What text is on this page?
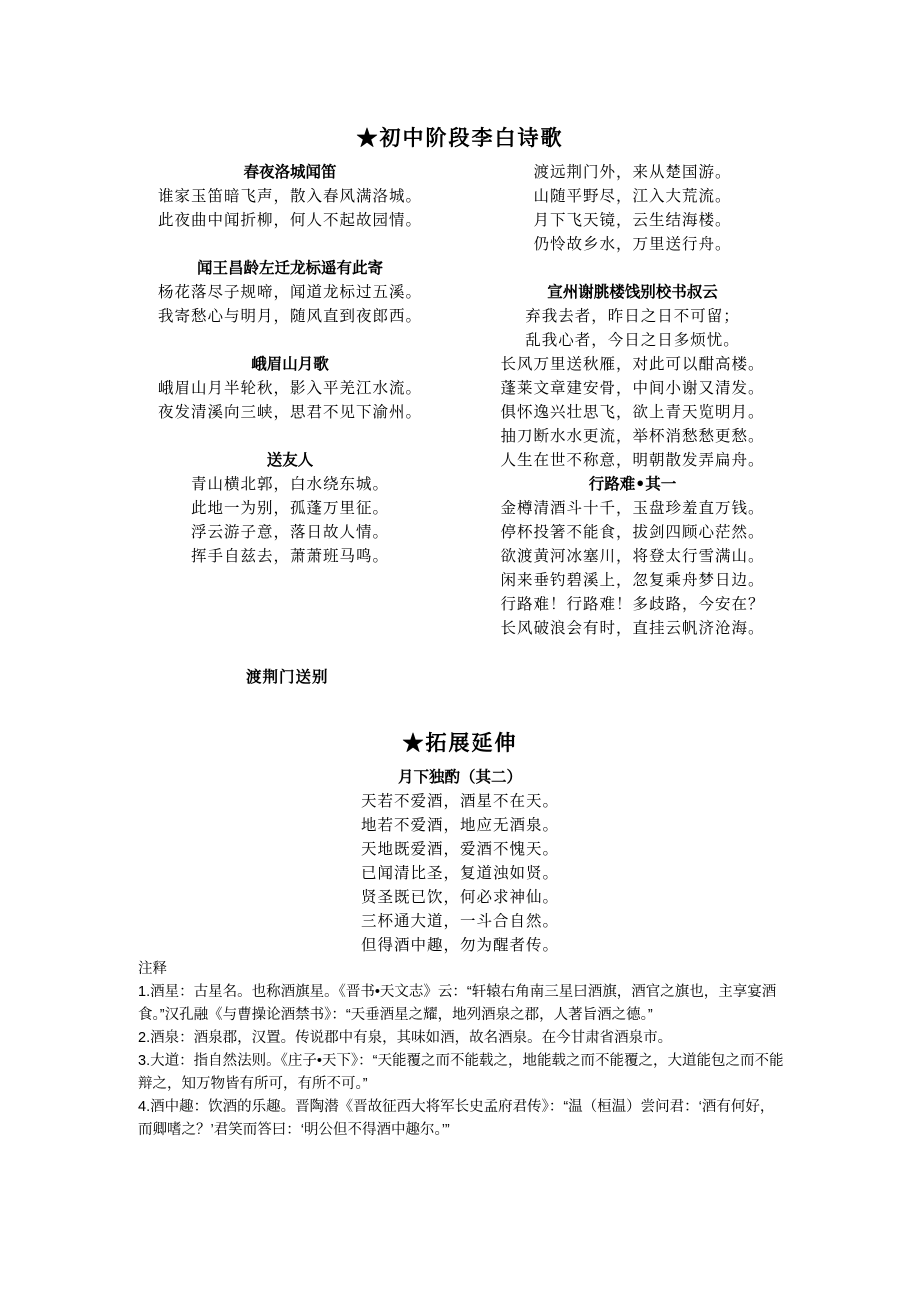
★初中阶段李白诗歌
春夜洛城闻笛
谁家玉笛暗飞声，散入春风满洛城。
此夜曲中闻折柳，何人不起故园情。
闻王昌龄左迁龙标遥有此寄
杨花落尽子规啼，闻道龙标过五溪。
我寄愁心与明月，随风直到夜郎西。
峨眉山月歌
峨眉山月半轮秋，影入平羌江水流。
夜发清溪向三峡，思君不见下渝州。
送友人
青山横北郭，白水绕东城。
此地一为别，孤蓬万里征。
浮云游子意，落日故人情。
挥手自兹去，萧萧班马鸣。
渡远荆门外，来从楚国游。
山随平野尽，江入大荒流。
月下飞天镜，云生结海楼。
仍怜故乡水，万里送行舟。
宣州谢朓楼饯别校书叔云
弃我去者，昨日之日不可留；
乱我心者，今日之日多烦忧。
长风万里送秋雁，对此可以酣高楼。
蓬莱文章建安骨，中间小谢又清发。
俱怀逸兴壮思飞，欲上青天览明月。
抽刀断水水更流，举杯消愁愁更愁。
人生在世不称意，明朝散发弄扁舟。
行路难•其一
金樽清酒斗十千，玉盘珍羞直万钱。
停杯投箸不能食，拔剑四顾心茫然。
欲渡黄河冰塞川，将登太行雪满山。
闲来垂钓碧溪上，忽复乘舟梦日边。
行路难！行路难！多歧路，今安在？
长风破浪会有时，直挂云帆济沧海。
渡荆门送别
★拓展延伸
月下独酌（其二）
天若不爱酒，酒星不在天。
地若不爱酒，地应无酒泉。
天地既爱酒，爱酒不愧天。
已闻清比圣，复道浊如贤。
贤圣既已饮，何必求神仙。
三杯通大道，一斗合自然。
但得酒中趣，勿为醒者传。

注释

1.酒星：古星名。也称酒旗星。《晋书•天文志》云：“轩辕右角南三星曰酒旗，酒官之旗也，主享宴酒食。”汉孔融《与曹操论酒禁书》：“天垂酒星之耀，地列酒泉之郡，人著旨酒之德。”

2.酒泉：酒泉郡，汉置。传说郡中有泉，其味如酒，故名酒泉。在今甘肃省酒泉市。

3.大道：指自然法则。《庄子•天下》：“天能覆之而不能载之，地能载之而不能覆之，大道能包之而不能辩之，知万物皆有所可，有所不可。”

4.酒中趣：饮酒的乐趣。晋陶潜《晋故征西大将军长史孟府君传》：“温（桓温）尝问君：‘酒有何好，而卿嗜之？’君笑而答曰：‘明公但不得酒中趣尔。’”
